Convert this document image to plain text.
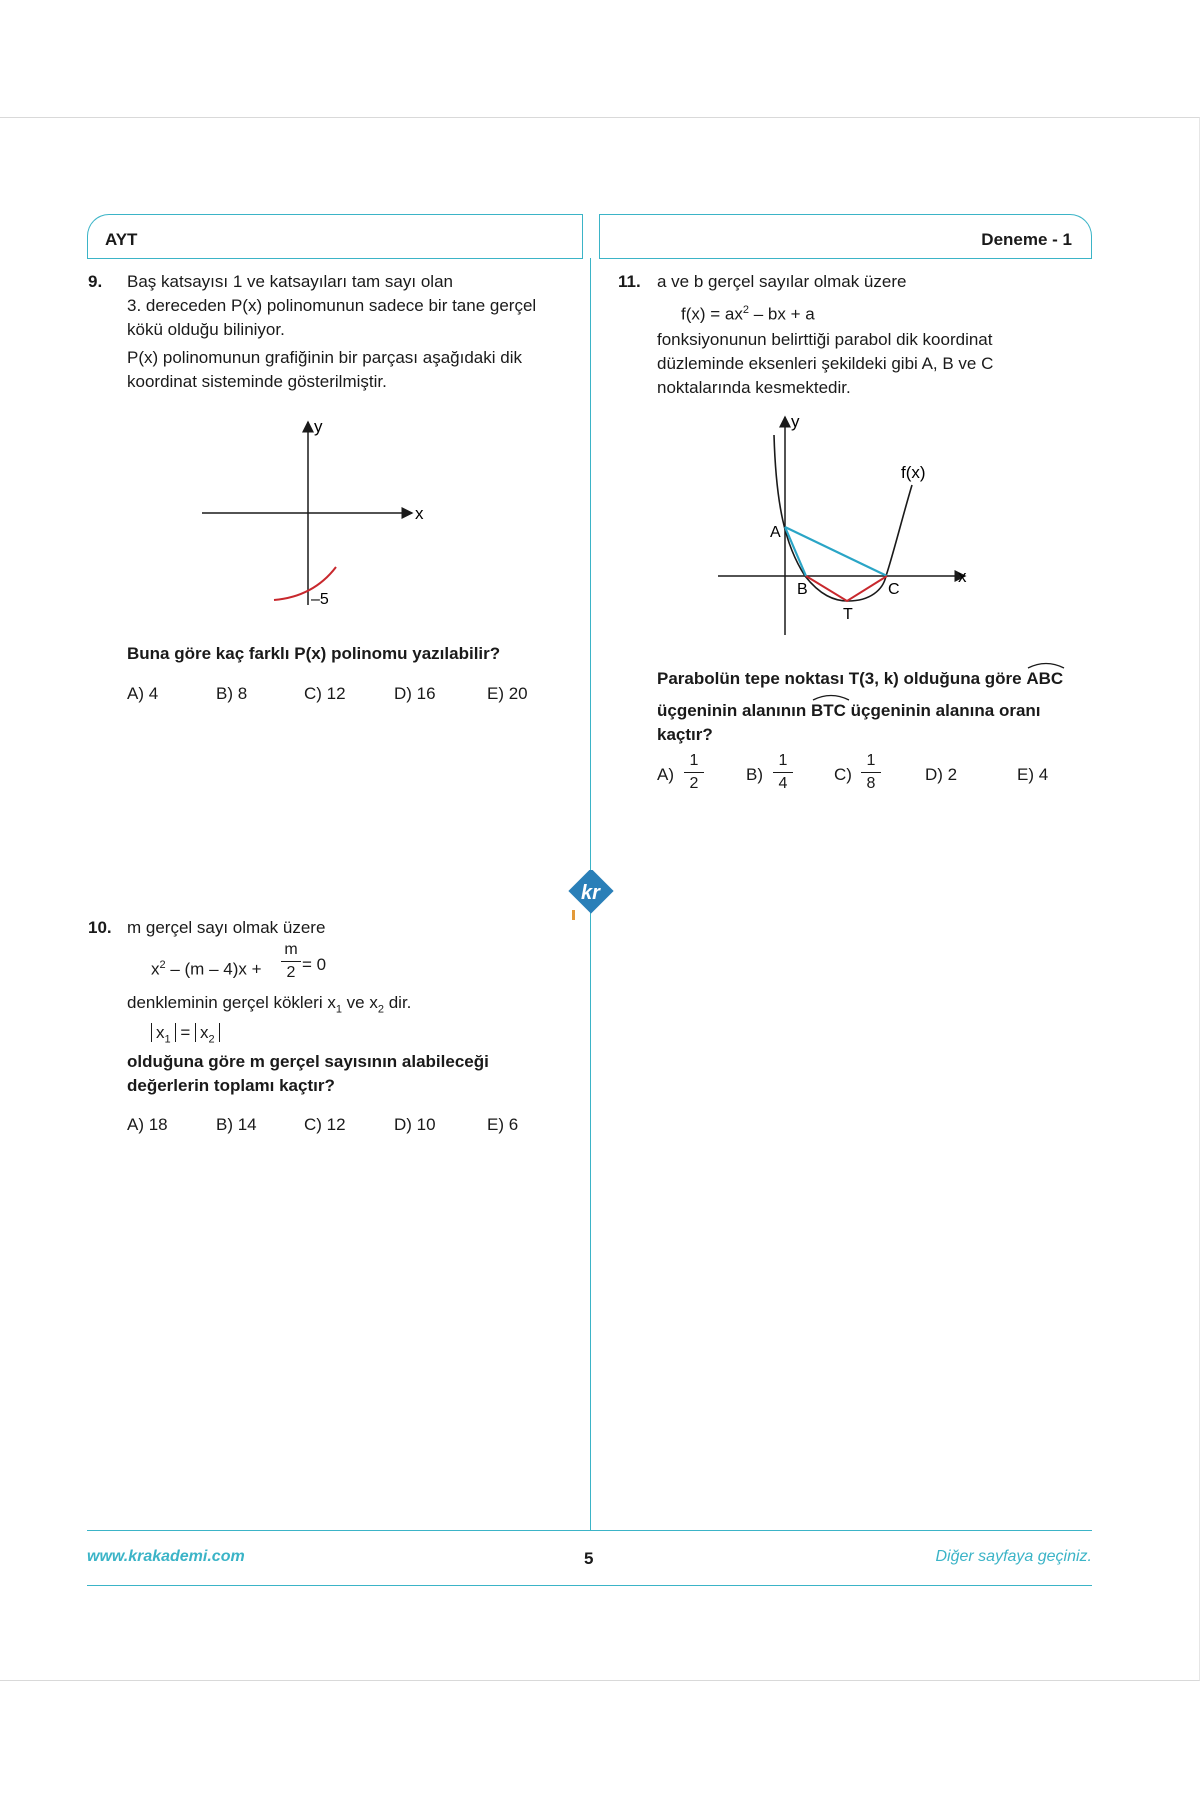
AYT	Deneme - 1
9. Baş katsayısı 1 ve katsayıları tam sayı olan
3. dereceden P(x) polinomunun sadece bir tane gerçel
kökü olduğu biliniyor.
P(x) polinomunun grafiğinin bir parçası aşağıdaki dik
koordinat sisteminde gösterilmiştir.
y
x
–5
Buna göre kaç farklı P(x) polinomu yazılabilir?
A) 4	B) 8	C) 12	D) 16	E) 20
kr
10. m gerçel sayı olmak üzere
$x^2 - (m - 4)x$ +
m
2 = 0
denkleminin gerçel kökleri $x_1$ ve $x_2$ dir.
$x_1 = x_2$
olduğuna göre m gerçel sayısının alabileceği
değerlerin toplamı kaçtır?
A) 18	B) 14	C) 12	D) 10	E) 6
11. a ve b gerçel sayılar olmak üzere
$f(x) = ax^2$ – bx + a
fonksiyonunun belirttiği parabol dik koordinat
düzleminde eksenleri şekildeki gibi A, B ve C
noktalarında kesmektedir.
y
x
f(x)
A
B	C
T
Parabolün tepe noktası T(3, k) olduğuna göre
ABC
üçgeninin alanının
BTC üçgeninin alanına oranı
kaçtır?
A)
1
2	B)
1
4	C)
1
8	D) 2	E) 4
www.krakademi.com	5	Diğer sayfaya geçiniz.
